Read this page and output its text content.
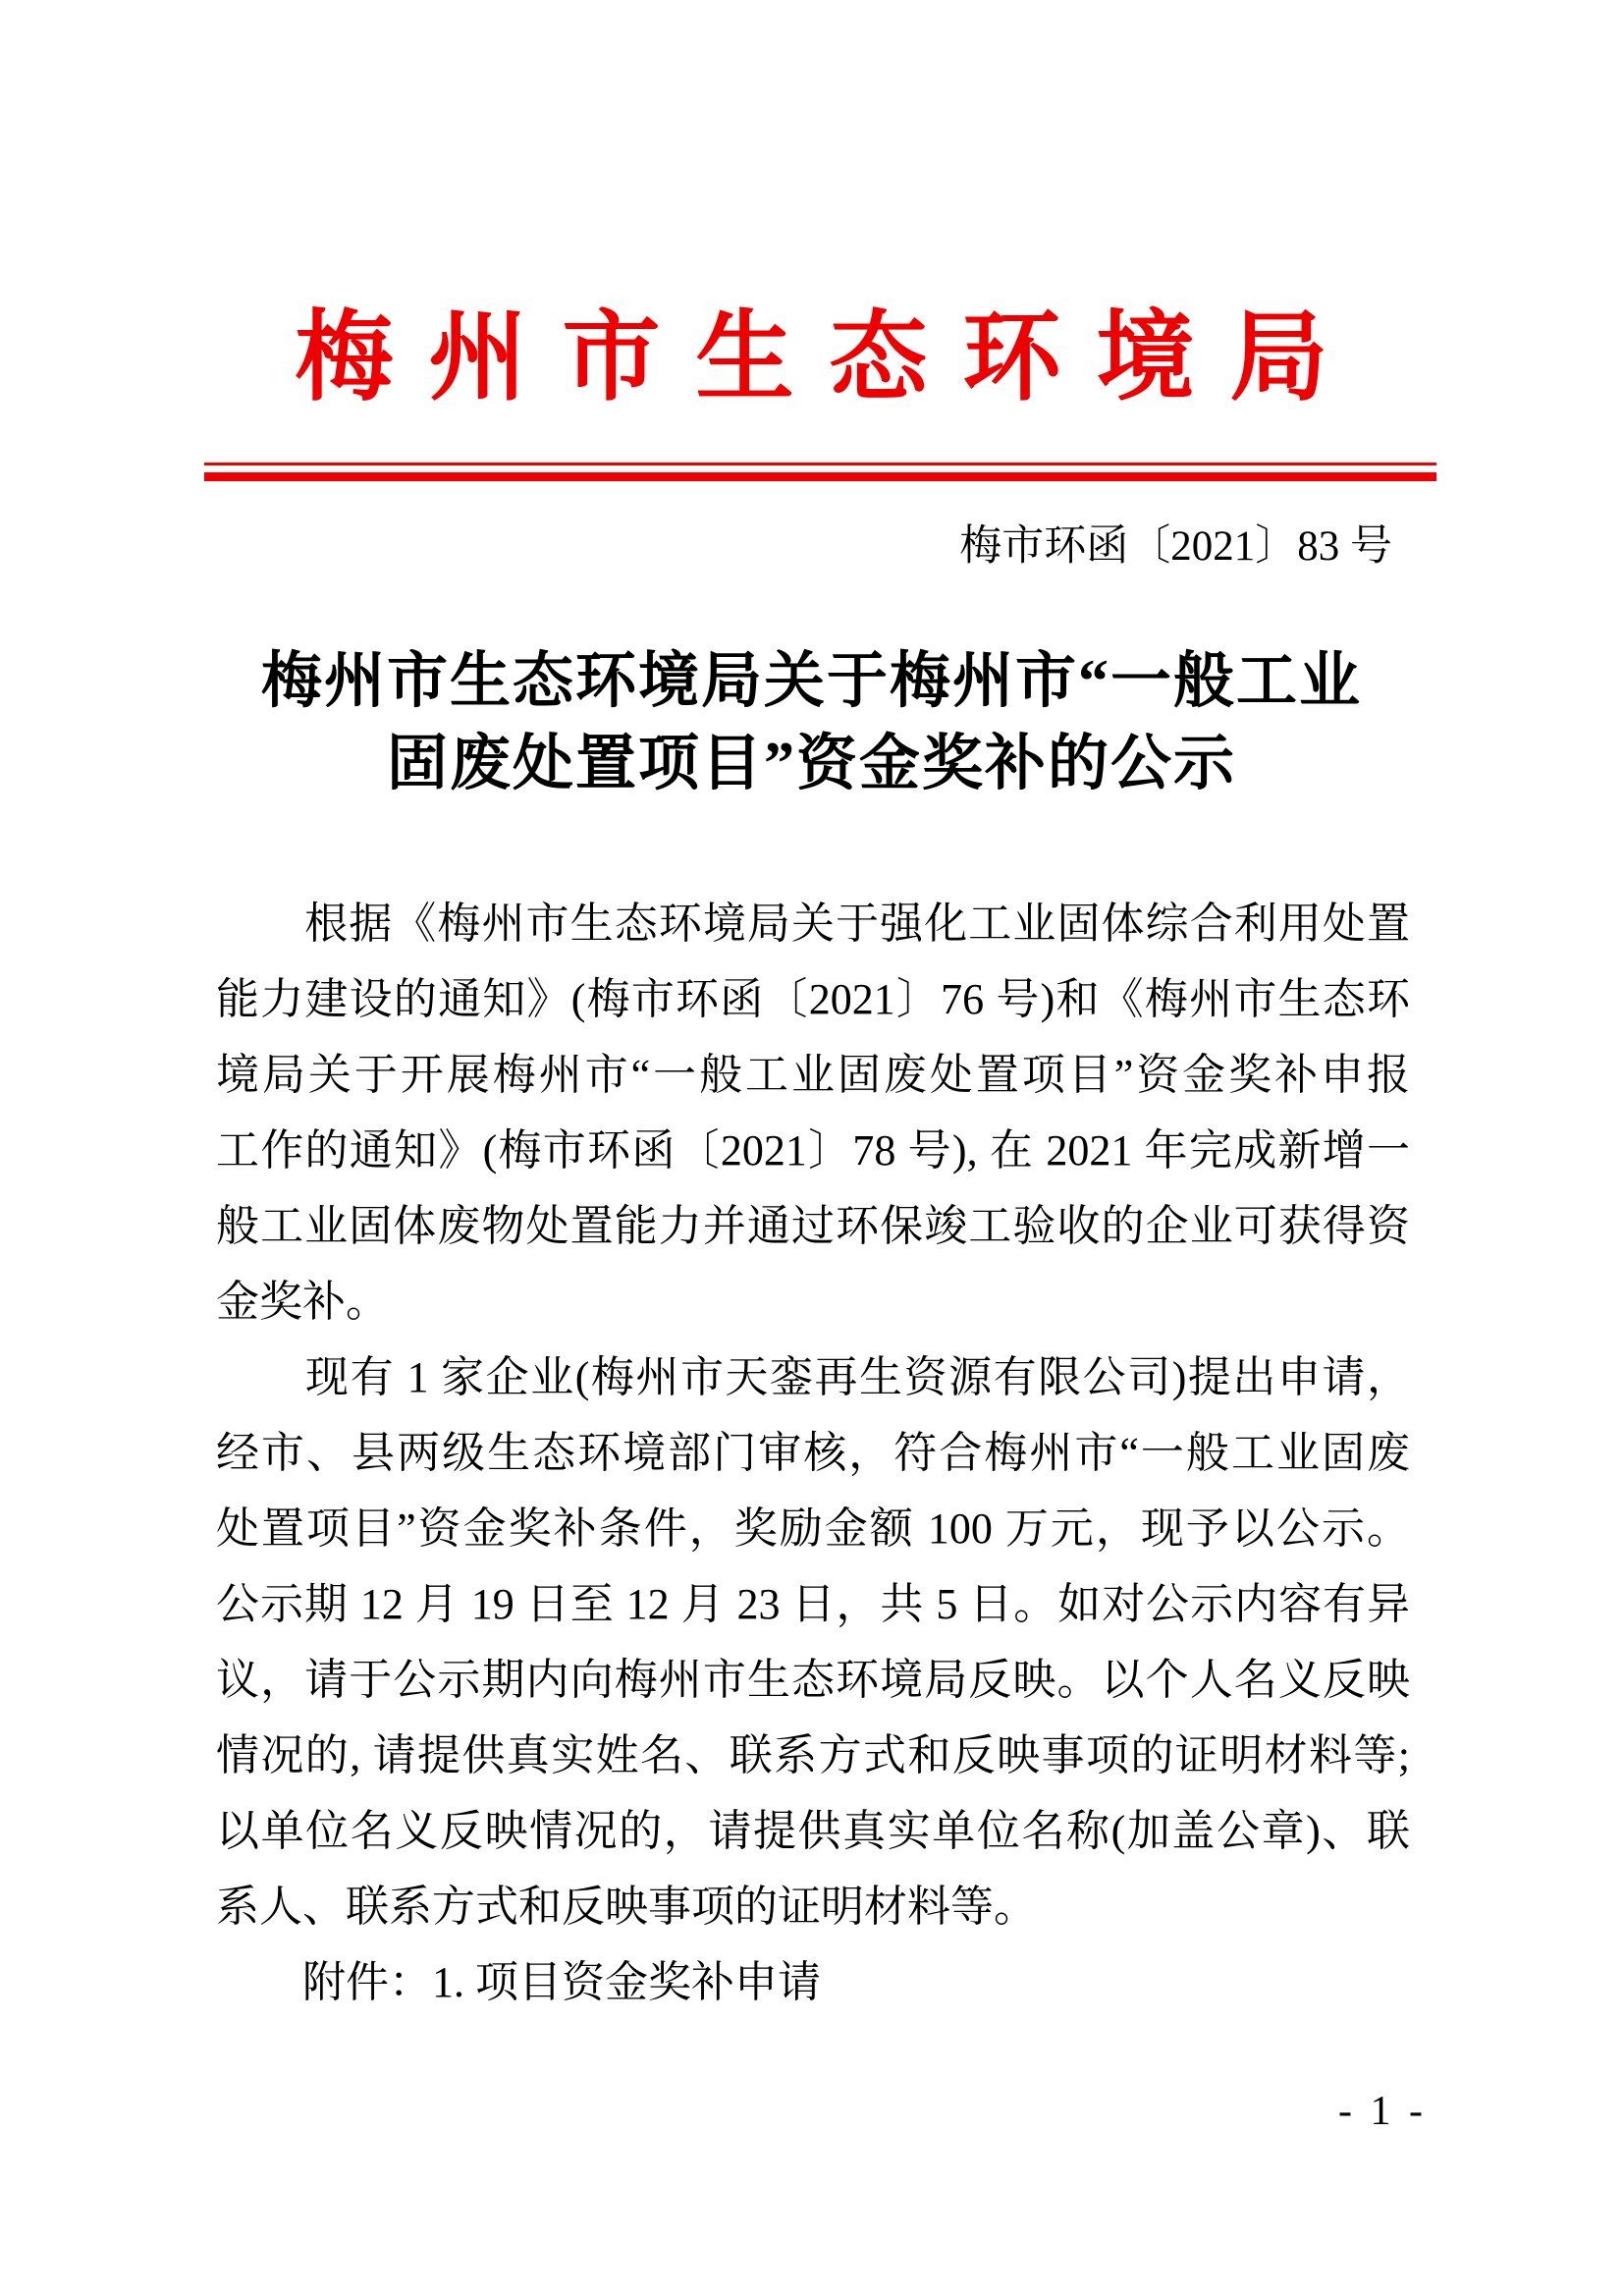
梅州市生态环境局
梅市环函〔2021〕83 号
梅州市生态环境局关于梅州市“一般工业
固废处置项目”资金奖补的公示
　　根据《梅州市生态环境局关于强化工业固体综合利用处置
能力建设的通知》(梅市环函〔2021〕76 号)和《梅州市生态环
境局关于开展梅州市“一般工业固废处置项目”资金奖补申报
工作的通知》(梅市环函〔2021〕78 号), 在 2021 年完成新增一
般工业固体废物处置能力并通过环保竣工验收的企业可获得资
金奖补。
　　现有 1 家企业(梅州市天銮再生资源有限公司)提出申请，
经市、县两级生态环境部门审核，符合梅州市“一般工业固废
处置项目”资金奖补条件，奖励金额 100 万元，现予以公示。
公示期 12 月 19 日至 12 月 23 日，共 5 日。如对公示内容有异
议，请于公示期内向梅州市生态环境局反映。以个人名义反映
情况的, 请提供真实姓名、联系方式和反映事项的证明材料等;
以单位名义反映情况的，请提供真实单位名称(加盖公章)、联
系人、联系方式和反映事项的证明材料等。
　　附件：1. 项目资金奖补申请
- 1 -
